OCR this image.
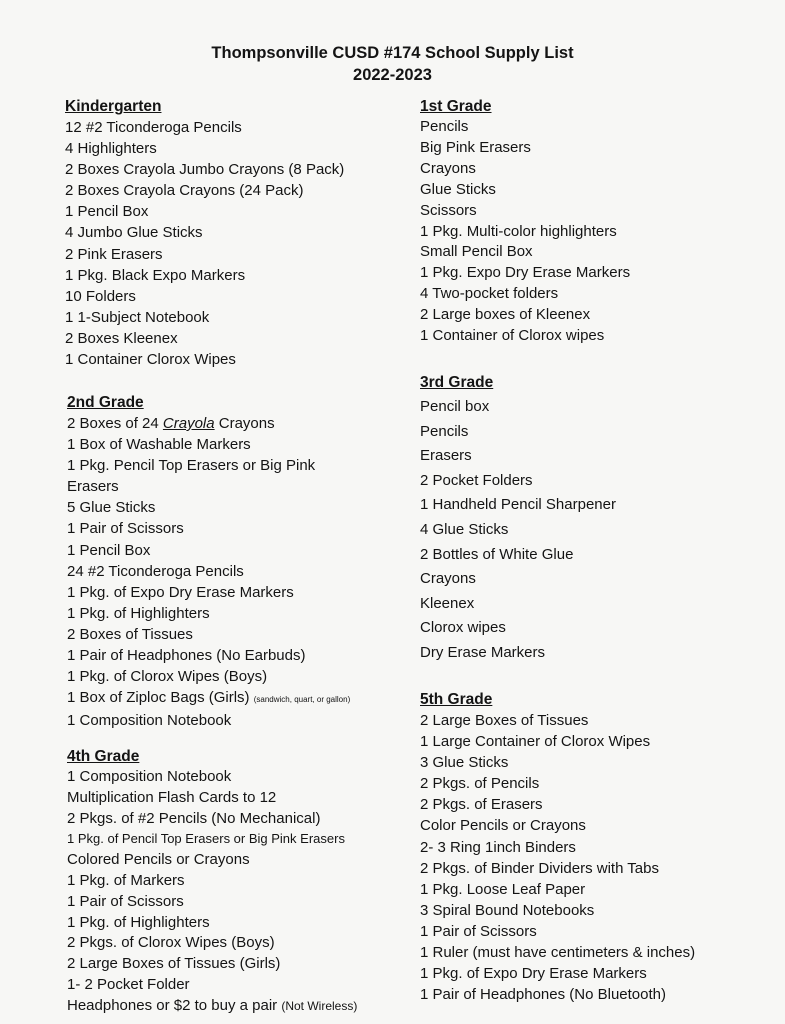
Thompsonville CUSD #174 School Supply List
2022-2023
Kindergarten
12 #2 Ticonderoga Pencils
4 Highlighters
2 Boxes Crayola Jumbo Crayons (8 Pack)
2 Boxes Crayola Crayons (24 Pack)
1 Pencil Box
4 Jumbo Glue Sticks
2 Pink Erasers
1 Pkg. Black Expo Markers
10 Folders
1 1-Subject Notebook
2 Boxes Kleenex
1 Container Clorox Wipes
2nd Grade
2 Boxes of 24 Crayola Crayons
1 Box of Washable Markers
1 Pkg. Pencil Top Erasers or Big Pink
Erasers
5 Glue Sticks
1 Pair of Scissors
1 Pencil Box
24 #2 Ticonderoga Pencils
1 Pkg. of Expo Dry Erase Markers
1 Pkg. of Highlighters
2 Boxes of Tissues
1 Pair of Headphones (No Earbuds)
1 Pkg. of Clorox Wipes (Boys)
1 Box of Ziploc Bags (Girls) (sandwich, quart, or gallon)
1 Composition Notebook
4th Grade
1 Composition Notebook
Multiplication Flash Cards to 12
2 Pkgs. of #2 Pencils (No Mechanical)
1 Pkg. of Pencil Top Erasers or Big Pink Erasers
Colored Pencils or Crayons
1 Pkg. of Markers
1 Pair of Scissors
1 Pkg. of Highlighters
2 Pkgs. of Clorox Wipes (Boys)
2 Large Boxes of Tissues (Girls)
1- 2 Pocket Folder
Headphones or $2 to buy a pair (Not Wireless)
1st Grade
Pencils
Big Pink Erasers
Crayons
Glue Sticks
Scissors
1 Pkg. Multi-color highlighters
Small Pencil Box
1 Pkg. Expo Dry Erase Markers
4 Two-pocket folders
2 Large boxes of Kleenex
1 Container of Clorox wipes
3rd Grade
Pencil box
Pencils
Erasers
2 Pocket Folders
1 Handheld Pencil Sharpener
4 Glue Sticks
2 Bottles of White Glue
Crayons
Kleenex
Clorox wipes
Dry Erase Markers
5th Grade
2 Large Boxes of Tissues
1 Large Container of Clorox Wipes
3 Glue Sticks
2 Pkgs. of Pencils
2 Pkgs. of Erasers
Color Pencils or Crayons
2- 3 Ring 1inch Binders
2 Pkgs. of Binder Dividers with Tabs
1 Pkg. Loose Leaf Paper
3 Spiral Bound Notebooks
1 Pair of Scissors
1 Ruler (must have centimeters & inches)
1 Pkg. of Expo Dry Erase Markers
1 Pair of Headphones (No Bluetooth)
